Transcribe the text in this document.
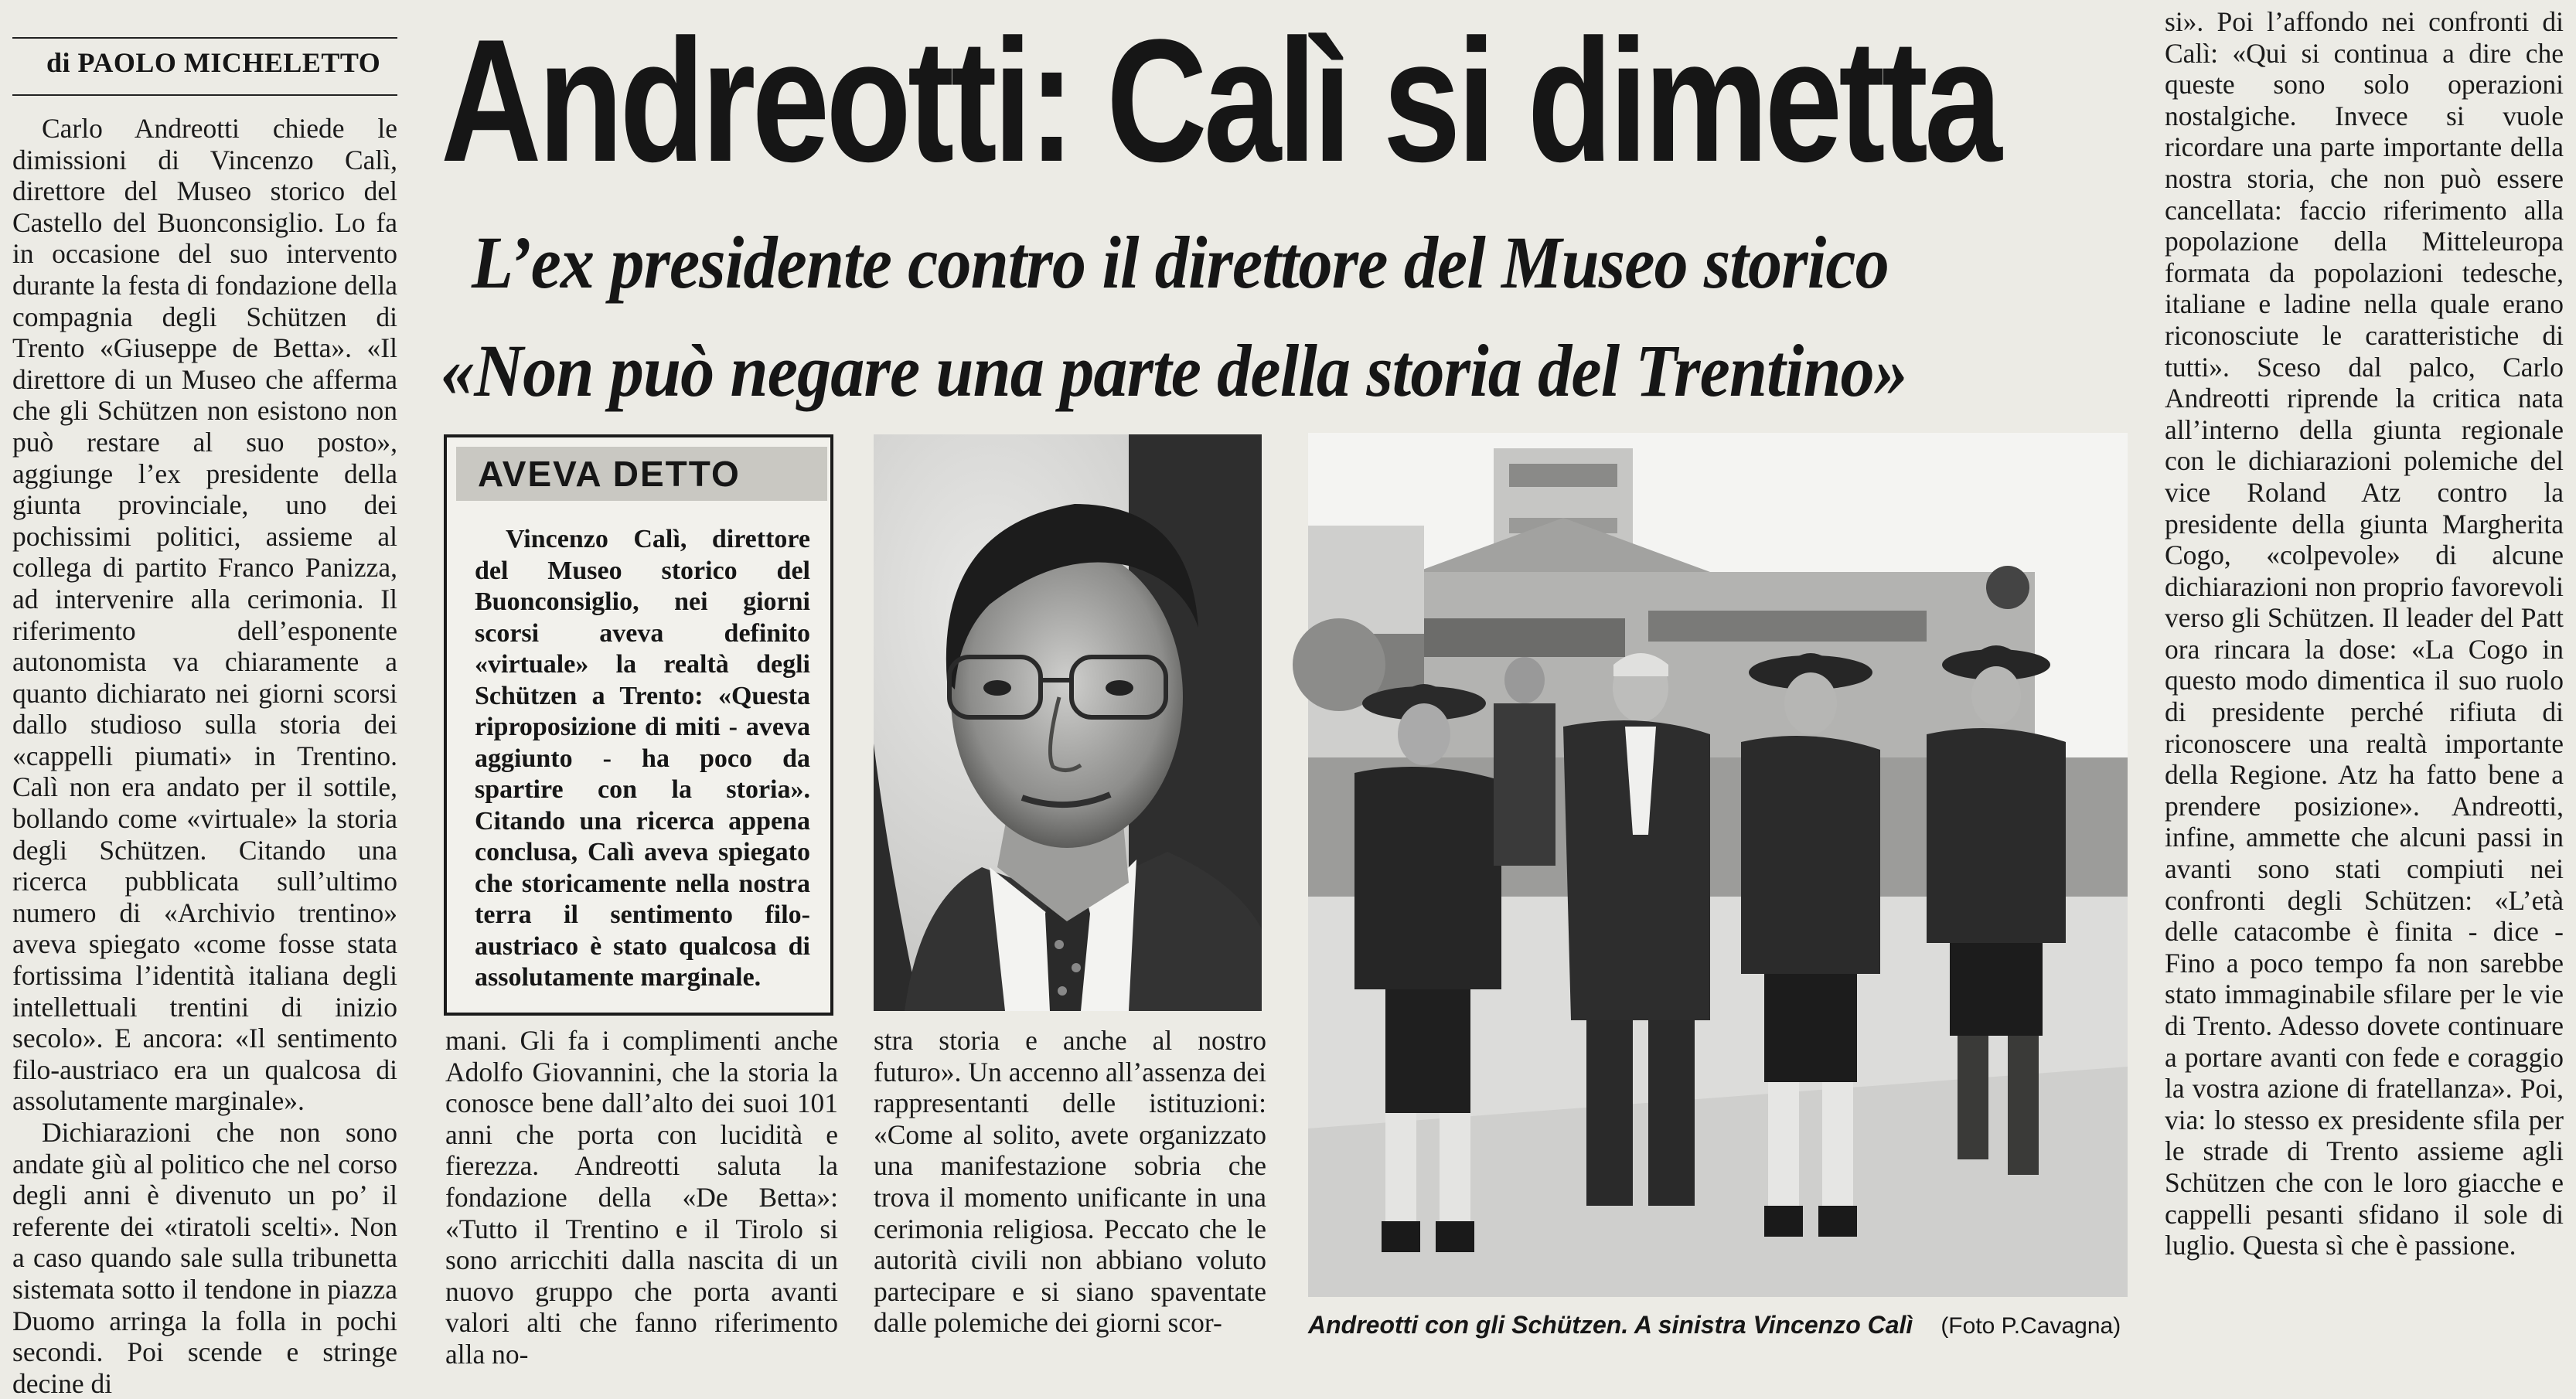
di PAOLO MICHELETTO

Carlo Andreotti chiede le dimissioni di Vincenzo Calì, direttore del Museo storico del Castello del Buonconsiglio. Lo fa in occasione del suo intervento durante la festa di fondazione della compagnia degli Schützen di Trento «Giuseppe de Betta». «Il direttore di un Museo che afferma che gli Schützen non esistono non può restare al suo posto», aggiunge l’ex presidente della giunta provinciale, uno dei pochissimi politici, assieme al collega di partito Franco Panizza, ad intervenire alla cerimonia. Il riferimento dell’esponente autonomista va chiaramente a quanto dichiarato nei giorni scorsi dallo studioso sulla storia dei «cappelli piumati» in Trentino. Calì non era andato per il sottile, bollando come «virtuale» la storia degli Schützen. Citando una ricerca pubblicata sull’ultimo numero di «Archivio trentino» aveva spiegato «come fosse stata fortissima l’identità italiana degli intellettuali trentini di inizio secolo». E ancora: «Il sentimento filo-austriaco era un qualcosa di assolutamente marginale».

Dichiarazioni che non sono andate giù al politico che nel corso degli anni è divenuto un po’ il referente dei «tiratoli scelti». Non a caso quando sale sulla tribunetta sistemata sotto il tendone in piazza Duomo arringa la folla in pochi secondi. Poi scende e stringe decine di

Andreotti: Calì si dimetta
L’ex presidente contro il direttore del Museo storico
«Non può negare una parte della storia del Trentino»
AVEVA DETTO
Vincenzo Calì, direttore del Museo storico del Buonconsiglio, nei giorni scorsi aveva definito «virtuale» la realtà degli Schützen a Trento: «Questa riproposizione di miti - aveva aggiunto - ha poco da spartire con la storia». Citando una ricerca appena conclusa, Calì aveva spiegato che storicamente nella nostra terra il sentimento filo-austriaco è stato qualcosa di assolutamente marginale.
Andreotti con gli Schützen. A sinistra Vincenzo Calì (Foto P.Cavagna)
mani. Gli fa i complimenti anche Adolfo Giovannini, che la storia la conosce bene dall’alto dei suoi 101 anni che porta con lucidità e fierezza. Andreotti saluta la fondazione della «De Betta»: «Tutto il Trentino e il Tirolo si sono arricchiti dalla nascita di un nuovo gruppo che porta avanti valori alti che fanno riferimento alla no-
stra storia e anche al nostro futuro». Un accenno all’assenza dei rappresentanti delle istituzioni: «Come al solito, avete organizzato una manifestazione sobria che trova il momento unificante in una cerimonia religiosa. Peccato che le autorità civili non abbiano voluto partecipare e si siano spaventate dalle polemiche dei giorni scor-
si». Poi l’affondo nei confronti di Calì: «Qui si continua a dire che queste sono solo operazioni nostalgiche. Invece si vuole ricordare una parte importante della nostra storia, che non può essere cancellata: faccio riferimento alla popolazione della Mitteleuropa formata da popolazioni tedesche, italiane e ladine nella quale erano riconosciute le caratteristiche di tutti». Sceso dal palco, Carlo Andreotti riprende la critica nata all’interno della giunta regionale con le dichiarazioni polemiche del vice Roland Atz contro la presidente della giunta Margherita Cogo, «colpevole» di alcune dichiarazioni non proprio favorevoli verso gli Schützen. Il leader del Patt ora rincara la dose: «La Cogo in questo modo dimentica il suo ruolo di presidente perché rifiuta di riconoscere una realtà importante della Regione. Atz ha fatto bene a prendere posizione». Andreotti, infine, ammette che alcuni passi in avanti sono stati compiuti nei confronti degli Schützen: «L’età delle catacombe è finita - dice - Fino a poco tempo fa non sarebbe stato immaginabile sfilare per le vie di Trento. Adesso dovete continuare a portare avanti con fede e coraggio la vostra azione di fratellanza». Poi, via: lo stesso ex presidente sfila per le strade di Trento assieme agli Schützen che con le loro giacche e cappelli pesanti sfidano il sole di luglio. Questa sì che è passione.
